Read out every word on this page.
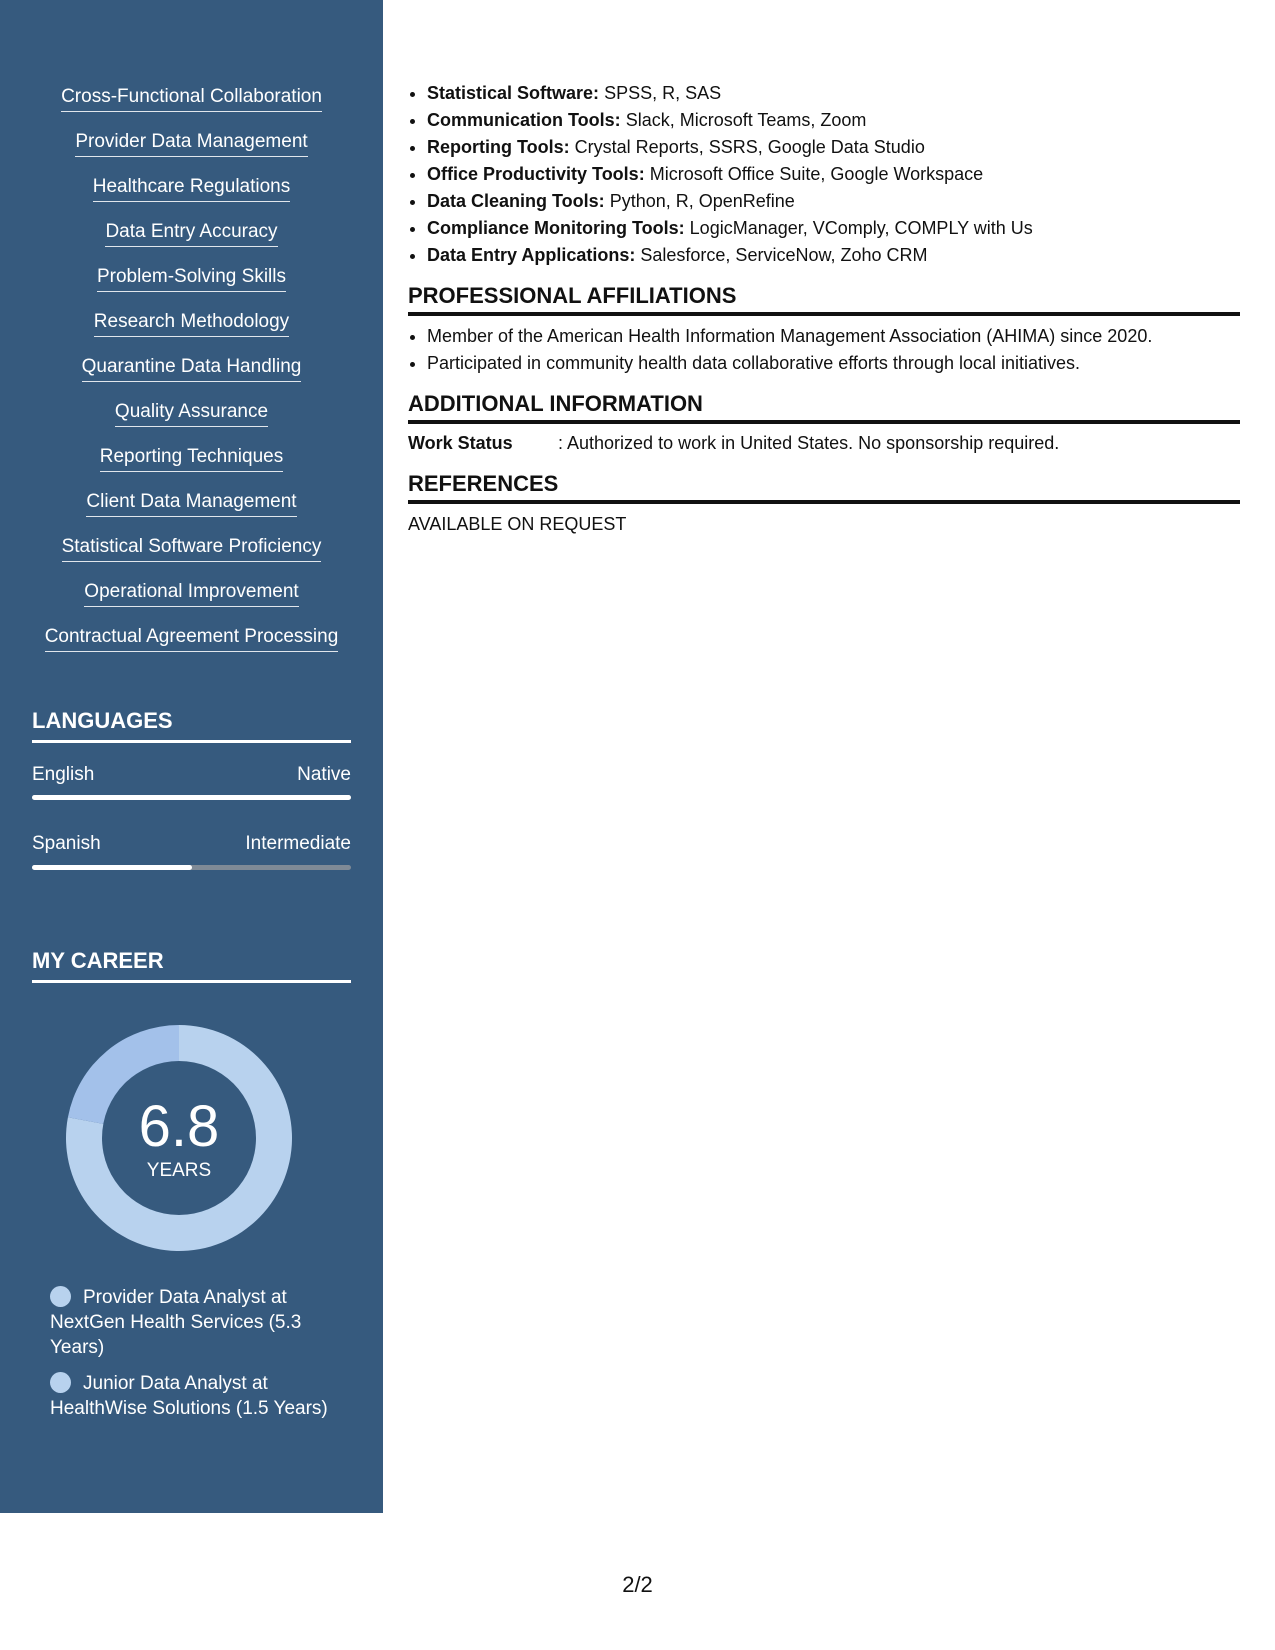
Cross-Functional Collaboration
Provider Data Management
Healthcare Regulations
Data Entry Accuracy
Problem-Solving Skills
Research Methodology
Quarantine Data Handling
Quality Assurance
Reporting Techniques
Client Data Management
Statistical Software Proficiency
Operational Improvement
Contractual Agreement Processing
LANGUAGES
English	Native
Spanish	Intermediate
MY CAREER
6.8
YEARS
Provider Data Analyst at NextGen Health Services (5.3 Years)
Junior Data Analyst at HealthWise Solutions (1.5 Years)
• Statistical Software: SPSS, R, SAS
• Communication Tools: Slack, Microsoft Teams, Zoom
• Reporting Tools: Crystal Reports, SSRS, Google Data Studio
• Office Productivity Tools: Microsoft Office Suite, Google Workspace
• Data Cleaning Tools: Python, R, OpenRefine
• Compliance Monitoring Tools: LogicManager, VComply, COMPLY with Us
• Data Entry Applications: Salesforce, ServiceNow, Zoho CRM
PROFESSIONAL AFFILIATIONS
• Member of the American Health Information Management Association (AHIMA) since 2020.
• Participated in community health data collaborative efforts through local initiatives.
ADDITIONAL INFORMATION
Work Status	: Authorized to work in United States. No sponsorship required.
REFERENCES
AVAILABLE ON REQUEST
2/2
